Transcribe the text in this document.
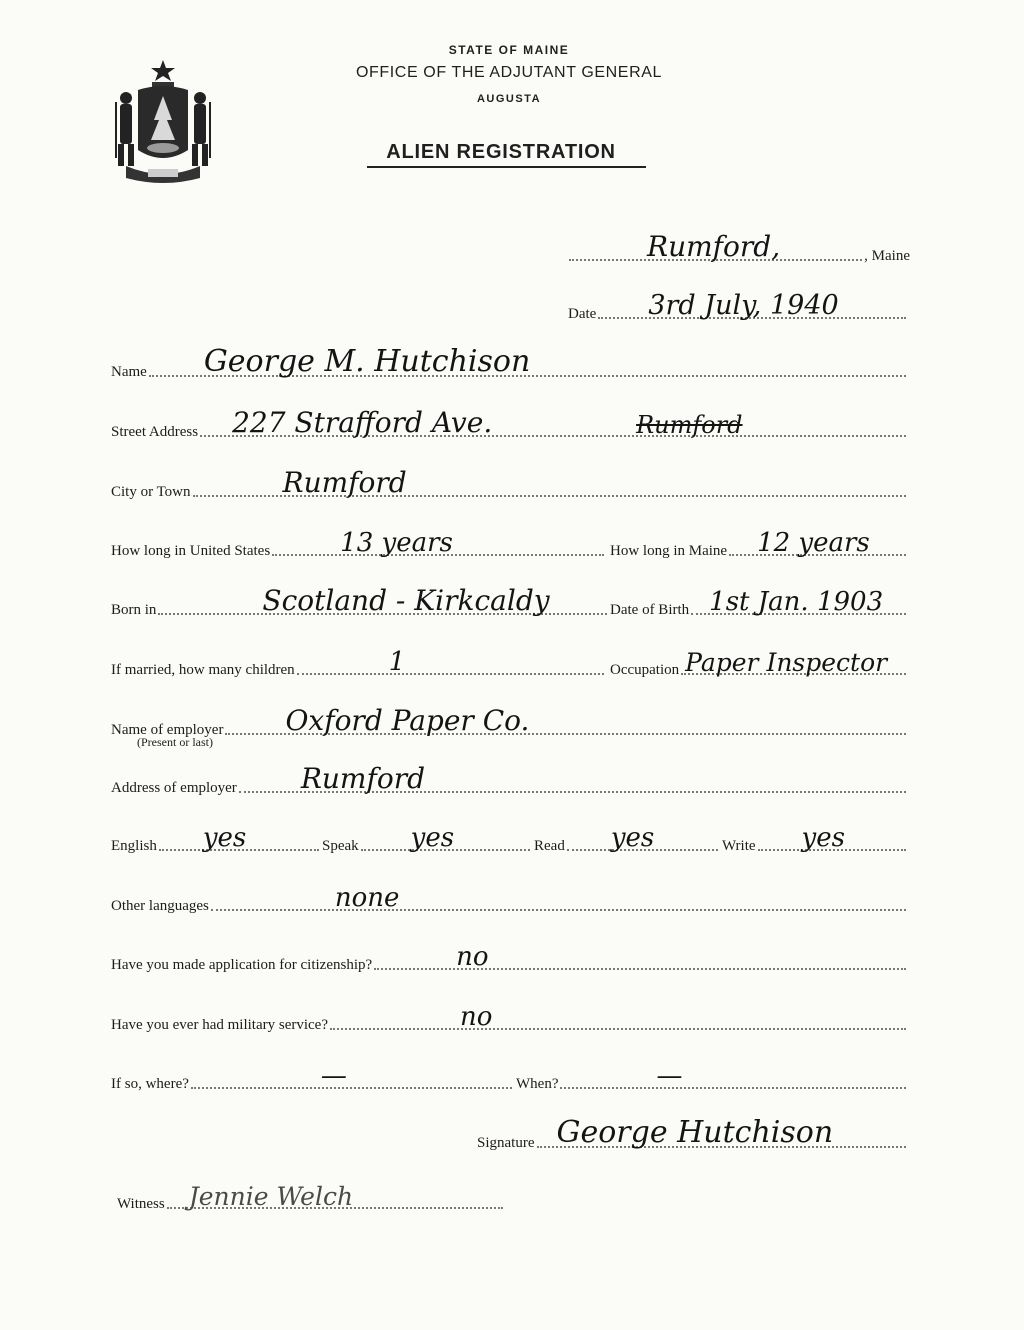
STATE OF MAINE
OFFICE OF THE ADJUTANT GENERAL
AUGUSTA
ALIEN REGISTRATION
Rumford,	, Maine
Date 3rd July, 1940
Name George M. Hutchison
Street Address 227 Strafford Ave.	Rumford
City or Town	Rumford
How long in United States	13 years	How long in Maine 12 years
Born in	Scotland - Kirkcaldy	Date of Birth 1st Jan. 1903
If married, how many children	1	Occupation Paper Inspector
Name of employer Oxford Paper Co.
(Present or last)
Address of employer Rumford
English yes	Speak yes	Read yes	Write yes
Other languages	none
Have you made application for citizenship?	no
Have you ever had military service?	no
If so, where?	—	When?	—
Signature George Hutchison
Witness Jennie Welch
